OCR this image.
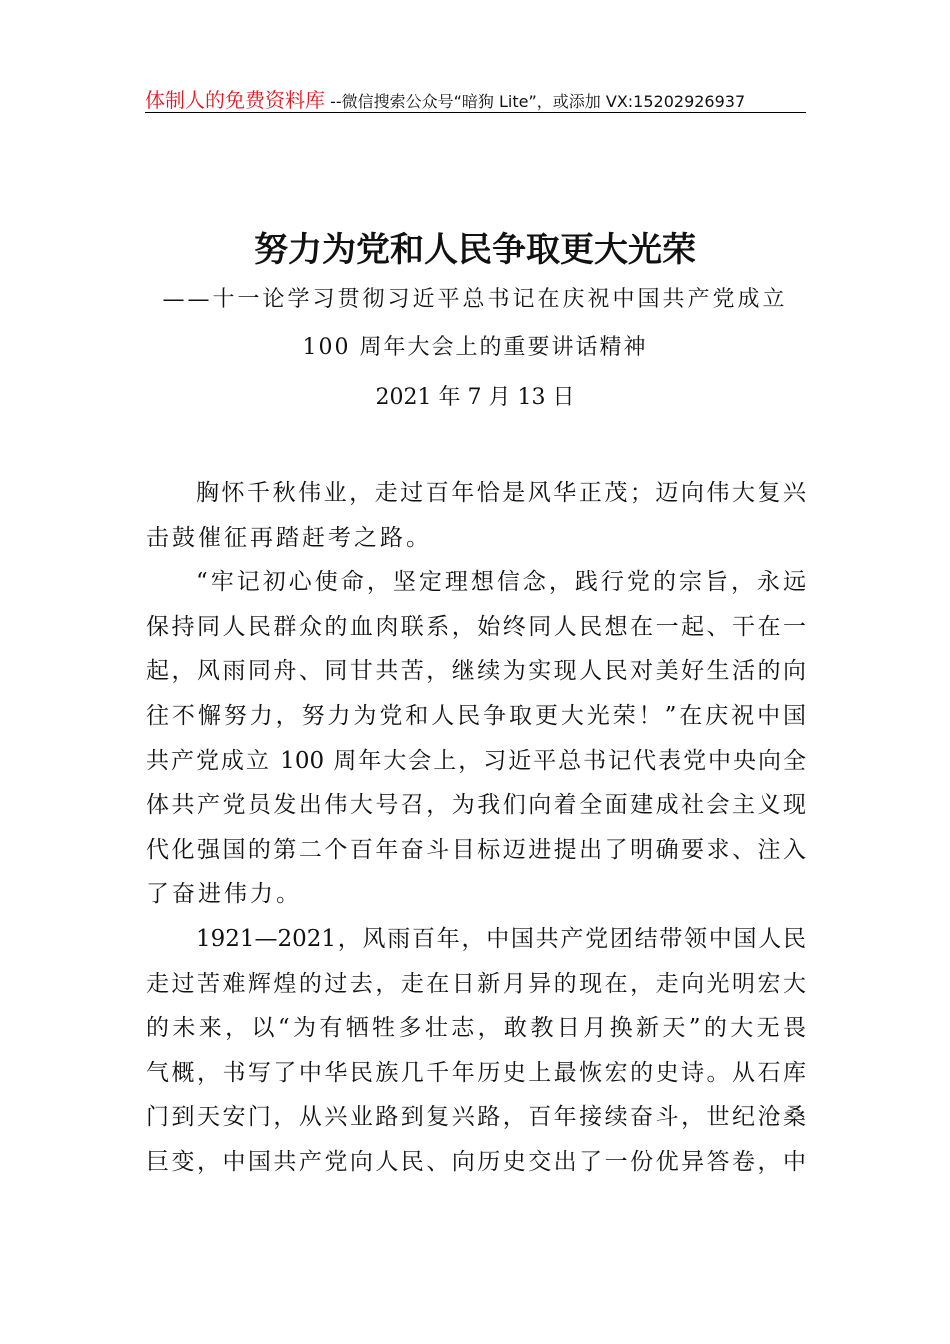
体制人的免费资料库 --微信搜索公众号“暗狗 Lite”，或添加 VX:15202926937
努力为党和人民争取更大光荣
——十一论学习贯彻习近平总书记在庆祝中国共产党成立
100 周年大会上的重要讲话精神
2021 年 7 月 13 日
胸怀千秋伟业，走过百年恰是风华正茂；迈向伟大复兴
击鼓催征再踏赶考之路。
“牢记初心使命，坚定理想信念，践行党的宗旨，永远
保持同人民群众的血肉联系，始终同人民想在一起、干在一
起，风雨同舟、同甘共苦，继续为实现人民对美好生活的向
往不懈努力，努力为党和人民争取更大光荣！”在庆祝中国
共产党成立 100 周年大会上，习近平总书记代表党中央向全
体共产党员发出伟大号召，为我们向着全面建成社会主义现
代化强国的第二个百年奋斗目标迈进提出了明确要求、注入
了奋进伟力。
1921—2021，风雨百年，中国共产党团结带领中国人民
走过苦难辉煌的过去，走在日新月异的现在，走向光明宏大
的未来，以“为有牺牲多壮志，敢教日月换新天”的大无畏
气概，书写了中华民族几千年历史上最恢宏的史诗。从石库
门到天安门，从兴业路到复兴路，百年接续奋斗，世纪沧桑
巨变，中国共产党向人民、向历史交出了一份优异答卷，中
